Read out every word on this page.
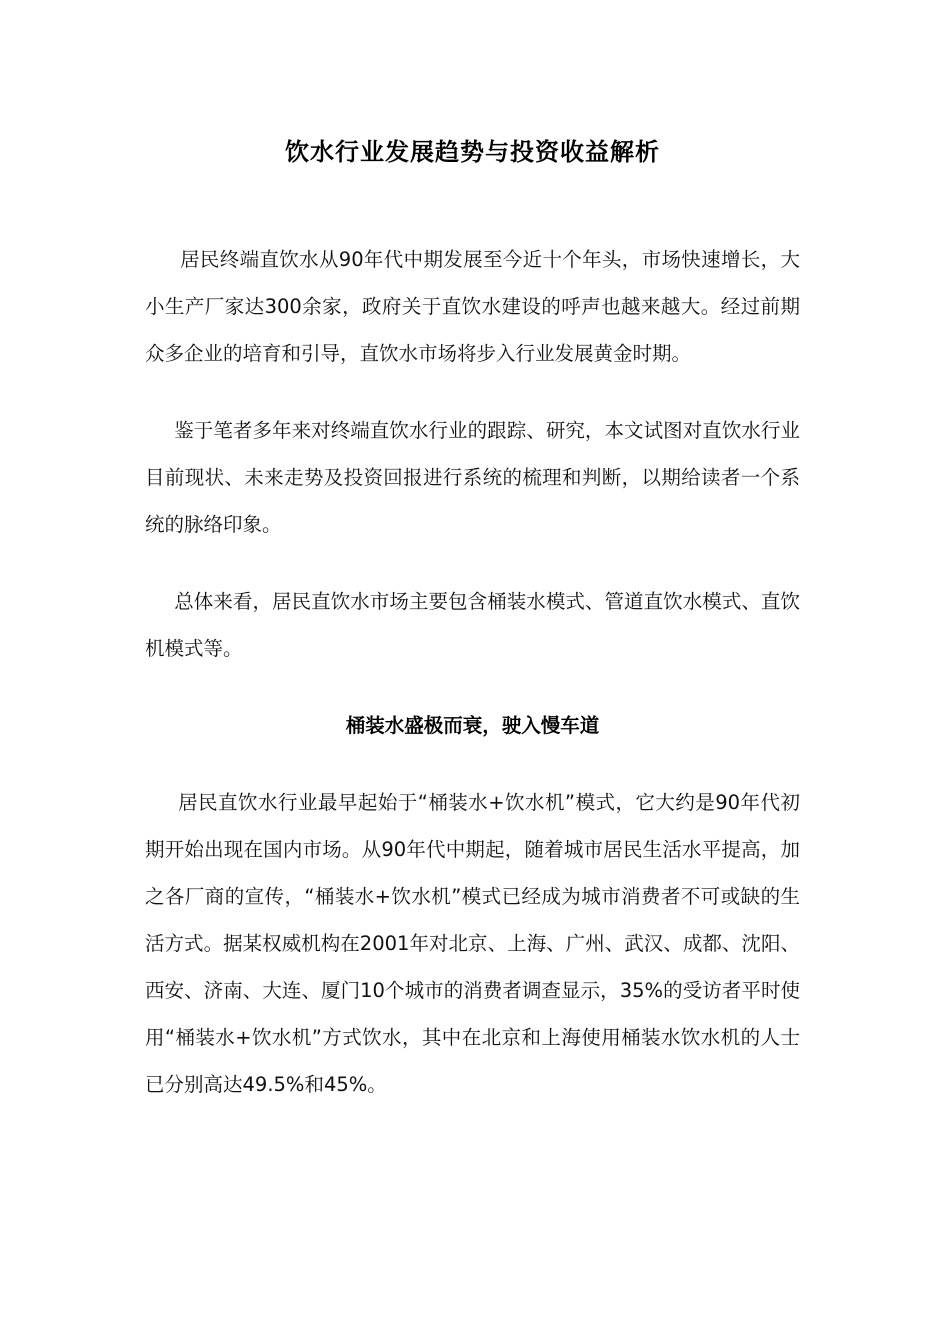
饮水行业发展趋势与投资收益解析

居民终端直饮水从90年代中期发展至今近十个年头，市场快速增长，大小生产厂家达300余家，政府关于直饮水建设的呼声也越来越大。经过前期众多企业的培育和引导，直饮水市场将步入行业发展黄金时期。

鉴于笔者多年来对终端直饮水行业的跟踪、研究，本文试图对直饮水行业目前现状、未来走势及投资回报进行系统的梳理和判断，以期给读者一个系统的脉络印象。

总体来看，居民直饮水市场主要包含桶装水模式、管道直饮水模式、直饮机模式等。

桶装水盛极而衰，驶入慢车道

居民直饮水行业最早起始于“桶装水+饮水机”模式，它大约是90年代初期开始出现在国内市场。从90年代中期起，随着城市居民生活水平提高，加之各厂商的宣传，“桶装水+饮水机”模式已经成为城市消费者不可或缺的生活方式。据某权威机构在2001年对北京、上海、广州、武汉、成都、沈阳、西安、济南、大连、厦门10个城市的消费者调查显示，35%的受访者平时使用“桶装水+饮水机”方式饮水，其中在北京和上海使用桶装水饮水机的人士已分别高达49.5%和45%。
